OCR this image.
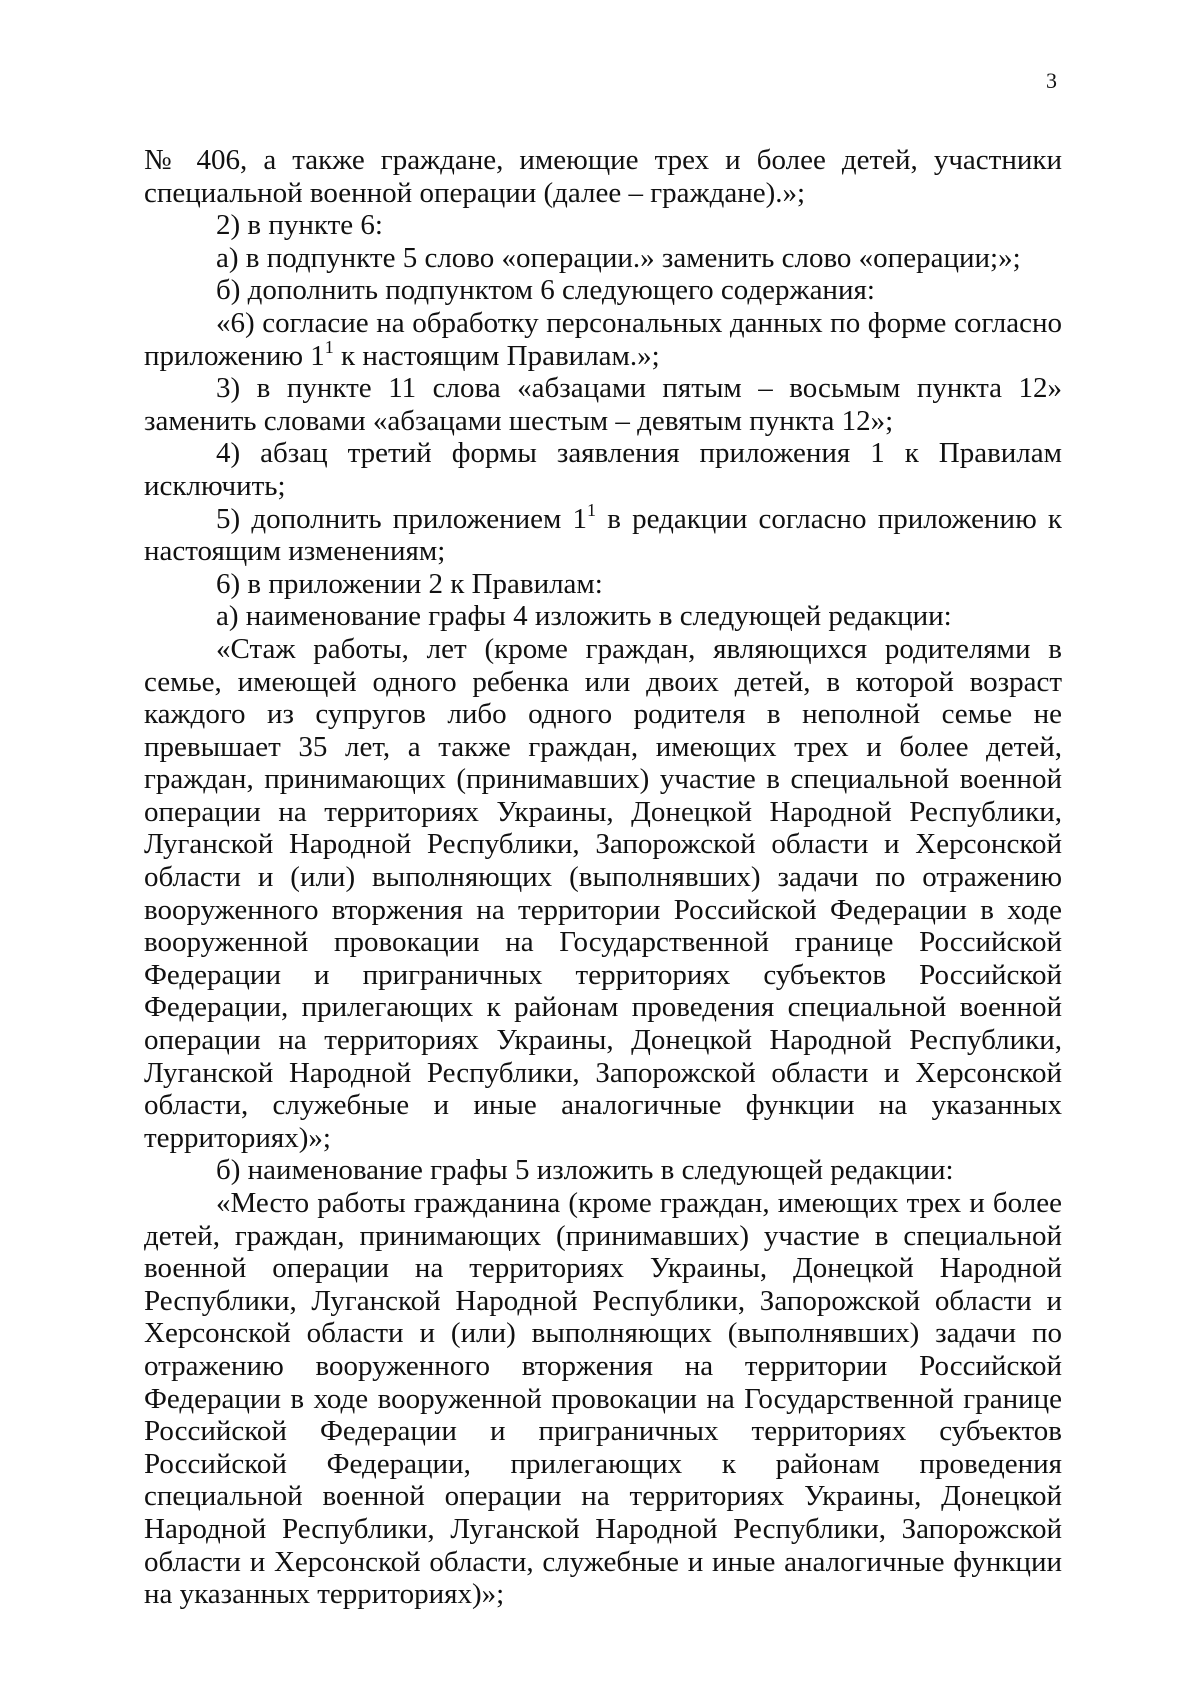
3

№ 406, а также граждане, имеющие трех и более детей, участники специальной военной операции (далее – граждане).»;

2) в пункте 6:

а) в подпункте 5 слово «операции.» заменить слово «операции;»;

б) дополнить подпунктом 6 следующего содержания:

«6) согласие на обработку персональных данных по форме согласно приложению $1^1$ к настоящим Правилам.»;

3) в пункте 11 слова «абзацами пятым – восьмым пункта 12» заменить словами «абзацами шестым – девятым пункта 12»;

4) абзац третий формы заявления приложения 1 к Правилам исключить;

5) дополнить приложением $1^1$ в редакции согласно приложению к настоящим изменениям;

6) в приложении 2 к Правилам:

а) наименование графы 4 изложить в следующей редакции:

«Стаж работы, лет (кроме граждан, являющихся родителями в семье, имеющей одного ребенка или двоих детей, в которой возраст каждого из супругов либо одного родителя в неполной семье не превышает 35 лет, а также граждан, имеющих трех и более детей, граждан, принимающих (принимавших) участие в специальной военной операции на территориях Украины, Донецкой Народной Республики, Луганской Народной Республики, Запорожской области и Херсонской области и (или) выполняющих (выполнявших) задачи по отражению вооруженного вторжения на территории Российской Федерации в ходе вооруженной провокации на Государственной границе Российской Федерации и приграничных территориях субъектов Российской Федерации, прилегающих к районам проведения специальной военной операции на территориях Украины, Донецкой Народной Республики, Луганской Народной Республики, Запорожской области и Херсонской области, служебные и иные аналогичные функции на указанных территориях)»;

б) наименование графы 5 изложить в следующей редакции:

«Место работы гражданина (кроме граждан, имеющих трех и более детей, граждан, принимающих (принимавших) участие в специальной военной операции на территориях Украины, Донецкой Народной Республики, Луганской Народной Республики, Запорожской области и Херсонской области и (или) выполняющих (выполнявших) задачи по отражению вооруженного вторжения на территории Российской Федерации в ходе вооруженной провокации на Государственной границе Российской Федерации и приграничных территориях субъектов Российской Федерации, прилегающих к районам проведения специальной военной операции на территориях Украины, Донецкой Народной Республики, Луганской Народной Республики, Запорожской области и Херсонской области, служебные и иные аналогичные функции на указанных территориях)»;
